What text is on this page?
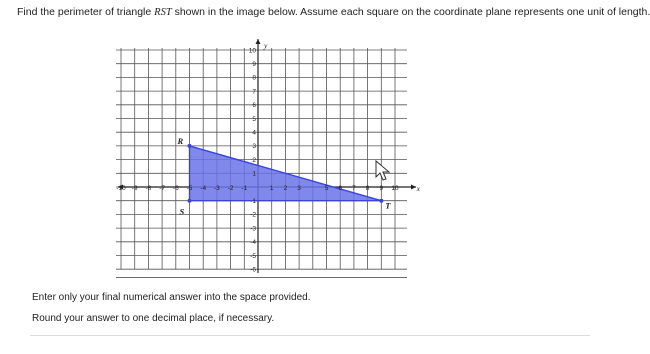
Find the perimeter of triangle RST shown in the image below. Assume each square on the coordinate plane represents one unit of length.
-10 -9 -8 -7 -6 -5 -4 -3 -2 -1	1 2 3	5 6 7 8 9 10
10
9
8
7
6
5
4
3
2
1
-1
-2
-3
-4
-5
-6
x
y
R
S
T
Enter only your final numerical answer into the space provided.
Round your answer to one decimal place, if necessary.
